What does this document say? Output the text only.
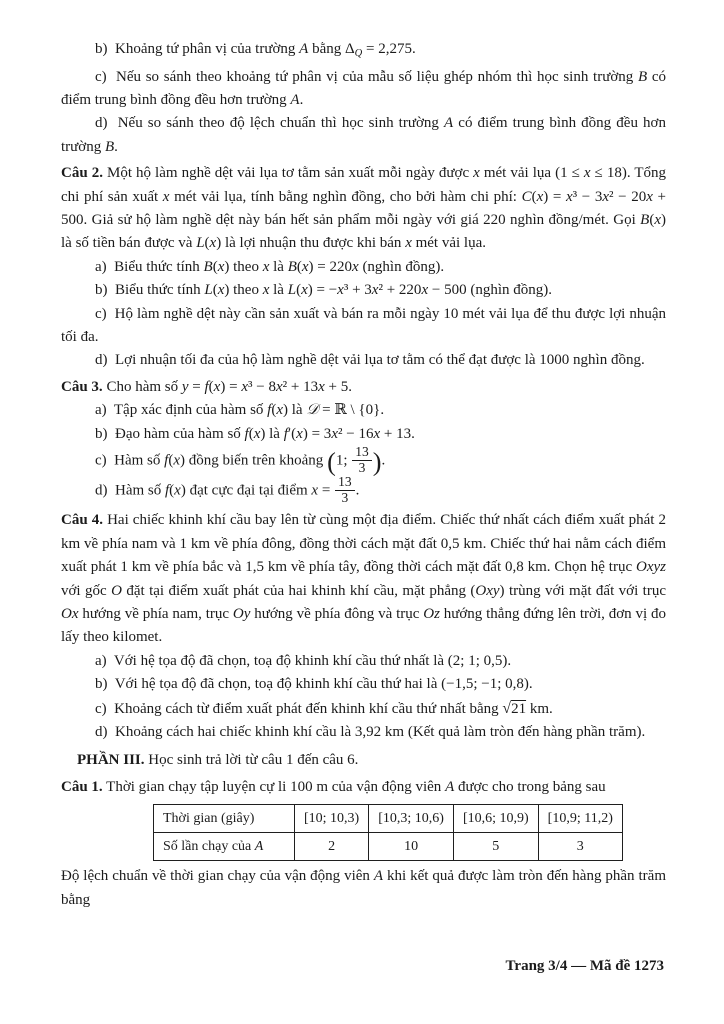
b)  Khoảng tứ phân vị của trường A bằng $\Delta_Q = 2,275$.

c)  Nếu so sánh theo khoảng tứ phân vị của mẫu số liệu ghép nhóm thì học sinh trường B có điểm trung bình đồng đều hơn trường A.

d)  Nếu so sánh theo độ lệch chuẩn thì học sinh trường A có điểm trung bình đồng đều hơn trường B.

Câu 2. Một hộ làm nghề dệt vải lụa tơ tằm sản xuất mỗi ngày được x mét vải lụa (1 ≤ x ≤ 18). Tổng chi phí sản xuất x mét vải lụa, tính bằng nghìn đồng, cho bởi hàm chi phí: C(x) = x³ − 3x² − 20x + 500. Giả sử hộ làm nghề dệt này bán hết sản phẩm mỗi ngày với giá 220 nghìn đồng/mét. Gọi B(x) là số tiền bán được và L(x) là lợi nhuận thu được khi bán x mét vải lụa.

a)  Biểu thức tính B(x) theo x là B(x) = 220x (nghìn đồng).

b)  Biểu thức tính L(x) theo x là L(x) = −x³ + 3x² + 220x − 500 (nghìn đồng).

c)  Hộ làm nghề dệt này cần sản xuất và bán ra mỗi ngày 10 mét vải lụa để thu được lợi nhuận tối đa.

d)  Lợi nhuận tối đa của hộ làm nghề dệt vải lụa tơ tằm có thể đạt được là 1000 nghìn đồng.

Câu 3. Cho hàm số y = f(x) = x³ − 8x² + 13x + 5.

a)  Tập xác định của hàm số f(x) là 𝒟 = ℝ \ {0}.

b)  Đạo hàm của hàm số f(x) là f′(x) = 3x² − 16x + 13.

c)  Hàm số f(x) đồng biến trên khoảng (1; $\frac{13}{3}$ ).

d)  Hàm số f(x) đạt cực đại tại điểm $x = \frac{13}{3}$ .

Câu 4. Hai chiếc khinh khí cầu bay lên từ cùng một địa điểm. Chiếc thứ nhất cách điểm xuất phát 2 km về phía nam và 1 km về phía đông, đồng thời cách mặt đất 0,5 km. Chiếc thứ hai nằm cách điểm xuất phát 1 km về phía bắc và 1,5 km về phía tây, đồng thời cách mặt đất 0,8 km. Chọn hệ trục Oxyz với gốc O đặt tại điểm xuất phát của hai khinh khí cầu, mặt phẳng (Oxy) trùng với mặt đất với trục Ox hướng về phía nam, trục Oy hướng về phía đông và trục Oz hướng thẳng đứng lên trời, đơn vị đo lấy theo kilomet.

a)  Với hệ tọa độ đã chọn, toạ độ khinh khí cầu thứ nhất là (2; 1; 0,5).

b)  Với hệ tọa độ đã chọn, toạ độ khinh khí cầu thứ hai là (−1,5; −1; 0,8).

c)  Khoảng cách từ điểm xuất phát đến khinh khí cầu thứ nhất bằng √21 km.

d)  Khoảng cách hai chiếc khinh khí cầu là 3,92 km (Kết quả làm tròn đến hàng phần trăm).

PHẦN III. Học sinh trả lời từ câu 1 đến câu 6.

Câu 1. Thời gian chạy tập luyện cự li 100 m của vận động viên A được cho trong bảng sau

Thời gian (giây)	[10; 10,3)	[10,3; 10,6)	[10,6; 10,9)	[10,9; 11,2)
Số lần chạy của A	2	10	5	3

Độ lệch chuẩn về thời gian chạy của vận động viên A khi kết quả được làm tròn đến hàng phần trăm bằng

Trang 3/4 — Mã đề 1273
